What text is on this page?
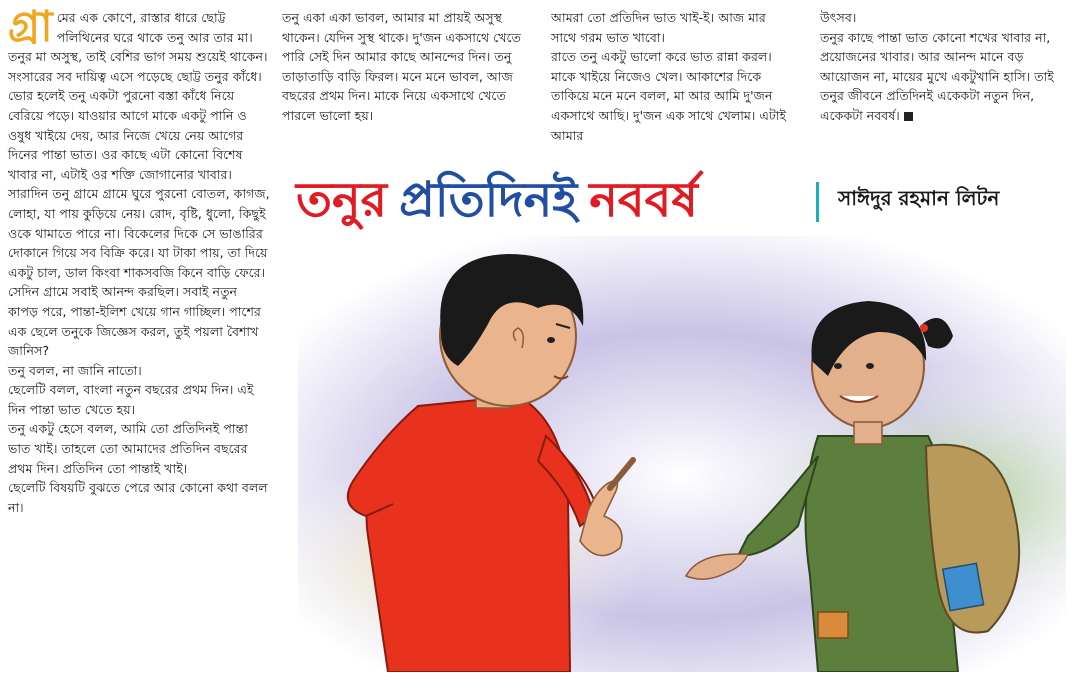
গ্রা মের এক কোণে, রাস্তার ধারে ছোট্ট পলিথিনের ঘরে থাকে তনু আর তার মা। তনুর মা অসুস্থ, তাই বেশির ভাগ সময় শুয়েই থাকেন। সংসারের সব দায়িত্ব এসে পড়েছে ছোট্ট তনুর কাঁধে।

ভোর হলেই তনু একটা পুরনো বস্তা কাঁধে নিয়ে বেরিয়ে পড়ে। যাওয়ার আগে মাকে একটু পানি ও ওষুধ খাইয়ে দেয়, আর নিজে খেয়ে নেয় আগের দিনের পান্তা ভাত। ওর কাছে এটা কোনো বিশেষ খাবার না, এটাই ওর শক্তি জোগানোর খাবার।

সারাদিন তনু গ্রামে গ্রামে ঘুরে পুরনো বোতল, কাগজ, লোহা, যা পায় কুড়িয়ে নেয়। রোদ, বৃষ্টি, ধুলো, কিছুই ওকে থামাতে পারে না। বিকেলের দিকে সে ভাঙারির দোকানে গিয়ে সব বিক্রি করে। যা টাকা পায়, তা দিয়ে একটু চাল, ডাল কিংবা শাকসবজি কিনে বাড়ি ফেরে।

সেদিন গ্রামে সবাই আনন্দ করছিল। সবাই নতুন কাপড় পরে, পান্তা-ইলিশ খেয়ে গান গাচ্ছিল। পাশের এক ছেলে তনুকে জিজ্ঞেস করল, তুই পয়লা বৈশাখ জানিস?

তনু বলল, না জানি নাতো।

ছেলেটি বলল, বাংলা নতুন বছরের প্রথম দিন। এই দিন পান্তা ভাত খেতে হয়।

তনু একটু হেসে বলল, আমি তো প্রতিদিনই পান্তা ভাত খাই। তাহলে তো আমাদের প্রতিদিন বছরের প্রথম দিন। প্রতিদিন তো পান্তাই খাই।

ছেলেটি বিষয়টি বুঝতে পেরে আর কোনো কথা বলল না।

তনু একা একা ভাবল, আমার মা প্রায়ই অসুস্থ থাকেন। যেদিন সুস্থ থাকে। দু'জন একসাথে খেতে পারি সেই দিন আমার কাছে আনন্দের দিন। তনু তাড়াতাড়ি বাড়ি ফিরল। মনে মনে ভাবল, আজ বছরের প্রথম দিন। মাকে নিয়ে একসাথে খেতে পারলে ভালো হয়।

আমরা তো প্রতিদিন ভাত খাই-ই। আজ মার সাথে গরম ভাত খাবো।

রাতে তনু একটু ভালো করে ভাত রান্না করল। মাকে খাইয়ে নিজেও খেল। আকাশের দিকে তাকিয়ে মনে মনে বলল, মা আর আমি দু'জন একসাথে আছি। দু'জন এক সাথে খেলাম। এটাই আমার

উৎসব।

তনুর কাছে পান্তা ভাত কোনো শখের খাবার না, প্রয়োজনের খাবার। আর আনন্দ মানে বড় আয়োজন না, মায়ের মুখে একটুখানি হাসি। তাই তনুর জীবনে প্রতিদিনই একেকটা নতুন দিন, একেকটা নববর্ষ।

তনুর প্রতিদিনই নববর্ষ	সাঈদুর রহমান লিটন
